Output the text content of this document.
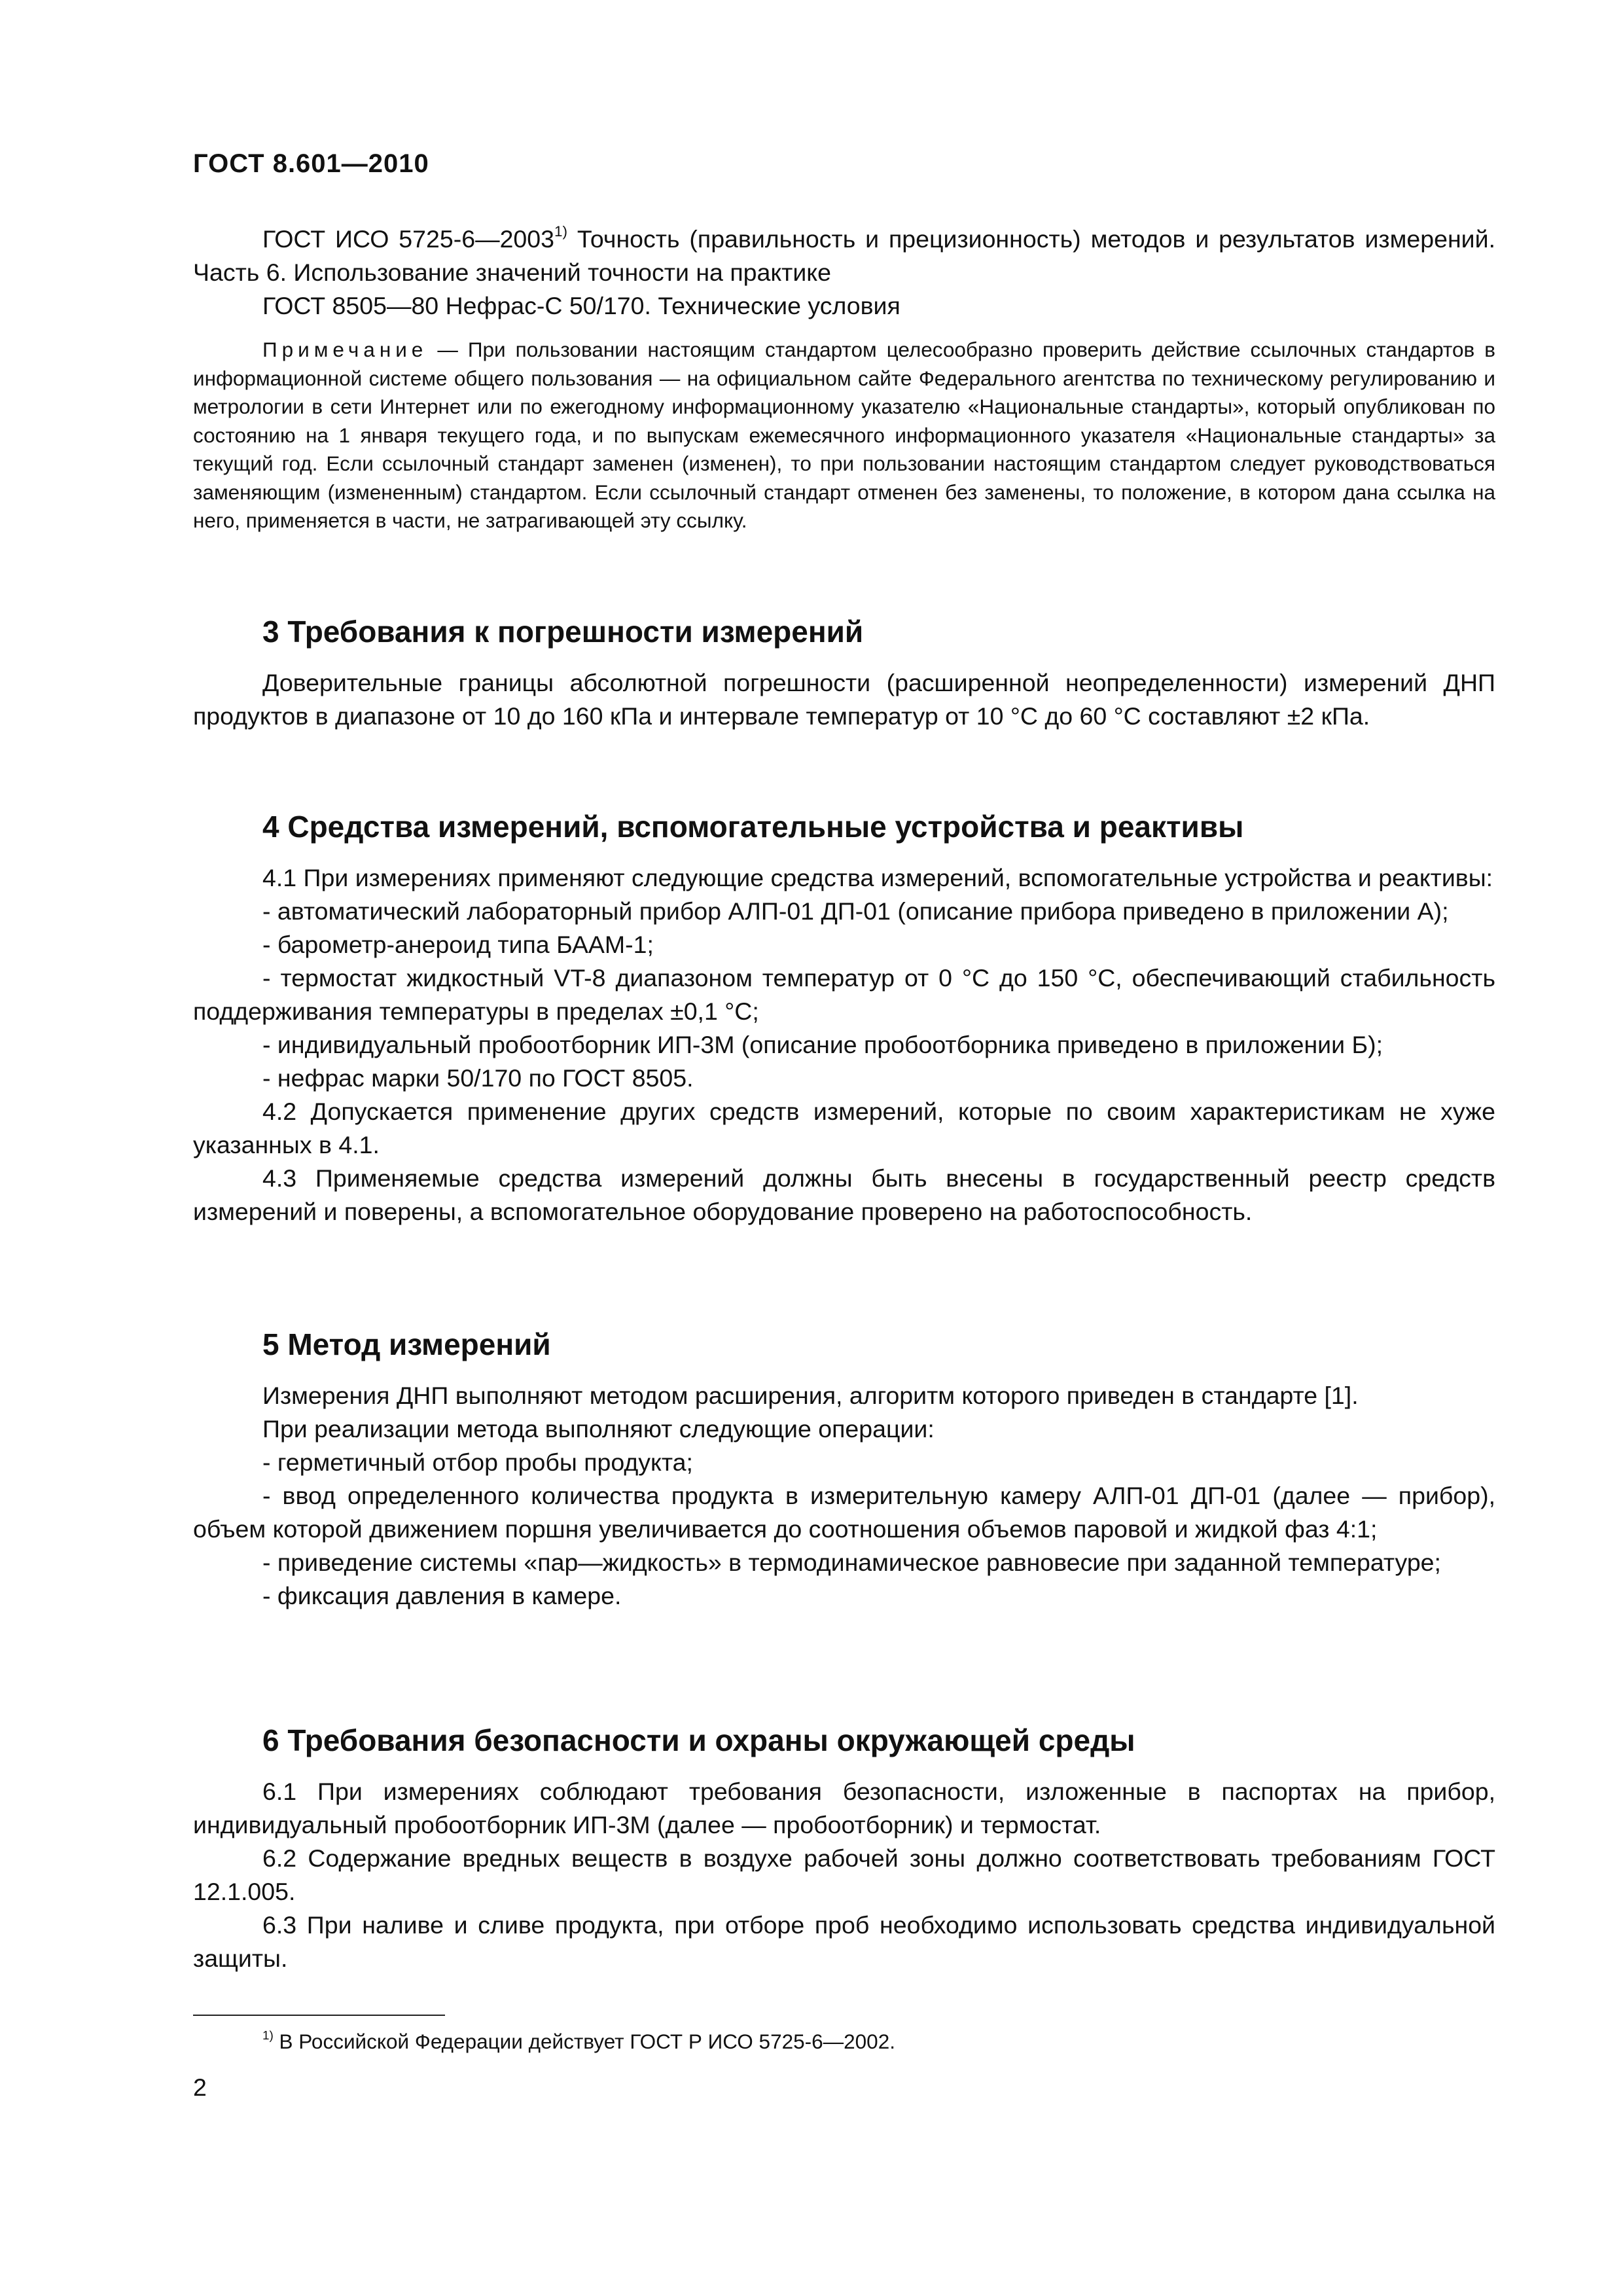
ГОСТ 8.601—2010

ГОСТ ИСО 5725-6—2003$^{1)}$ Точность (правильность и прецизионность) методов и результатов измерений. Часть 6. Использование значений точности на практике

ГОСТ 8505—80 Нефрас-С 50/170. Технические условия

Примечание — При пользовании настоящим стандартом целесообразно проверить действие ссылочных стандартов в информационной системе общего пользования — на официальном сайте Федерального агентства по техническому регулированию и метрологии в сети Интернет или по ежегодному информационному указателю «Национальные стандарты», который опубликован по состоянию на 1 января текущего года, и по выпускам ежемесячного информационного указателя «Национальные стандарты» за текущий год. Если ссылочный стандарт заменен (изменен), то при пользовании настоящим стандартом следует руководствоваться заменяющим (измененным) стандартом. Если ссылочный стандарт отменен без заменены, то положение, в котором дана ссылка на него, применяется в части, не затрагивающей эту ссылку.

3 Требования к погрешности измерений

Доверительные границы абсолютной погрешности (расширенной неопределенности) измерений ДНП продуктов в диапазоне от 10 до 160 кПа и интервале температур от 10 °С до 60 °С составляют ±2 кПа.

4 Средства измерений, вспомогательные устройства и реактивы

4.1 При измерениях применяют следующие средства измерений, вспомогательные устройства и реактивы:

- автоматический лабораторный прибор АЛП-01 ДП-01 (описание прибора приведено в приложении А);

- барометр-анероид типа БААМ-1;

- термостат жидкостный VT-8 диапазоном температур от 0 °С до 150 °С, обеспечивающий стабильность поддерживания температуры в пределах ±0,1 °С;

- индивидуальный пробоотборник ИП-3М (описание пробоотборника приведено в приложении Б);

- нефрас марки 50/170 по ГОСТ 8505.

4.2 Допускается применение других средств измерений, которые по своим характеристикам не хуже указанных в 4.1.

4.3 Применяемые средства измерений должны быть внесены в государственный реестр средств измерений и поверены, а вспомогательное оборудование проверено на работоспособность.

5 Метод измерений

Измерения ДНП выполняют методом расширения, алгоритм которого приведен в стандарте [1].

При реализации метода выполняют следующие операции:

- герметичный отбор пробы продукта;

- ввод определенного количества продукта в измерительную камеру АЛП-01 ДП-01 (далее — прибор), объем которой движением поршня увеличивается до соотношения объемов паровой и жидкой фаз 4:1;

- приведение системы «пар—жидкость» в термодинамическое равновесие при заданной температуре;

- фиксация давления в камере.

6 Требования безопасности и охраны окружающей среды

6.1 При измерениях соблюдают требования безопасности, изложенные в паспортах на прибор, индивидуальный пробоотборник ИП-3М (далее — пробоотборник) и термостат.

6.2 Содержание вредных веществ в воздухе рабочей зоны должно соответствовать требованиям ГОСТ 12.1.005.

6.3 При наливе и сливе продукта, при отборе проб необходимо использовать средства индивидуальной защиты.

$^{1)}$ В Российской Федерации действует ГОСТ Р ИСО 5725-6—2002.
2
